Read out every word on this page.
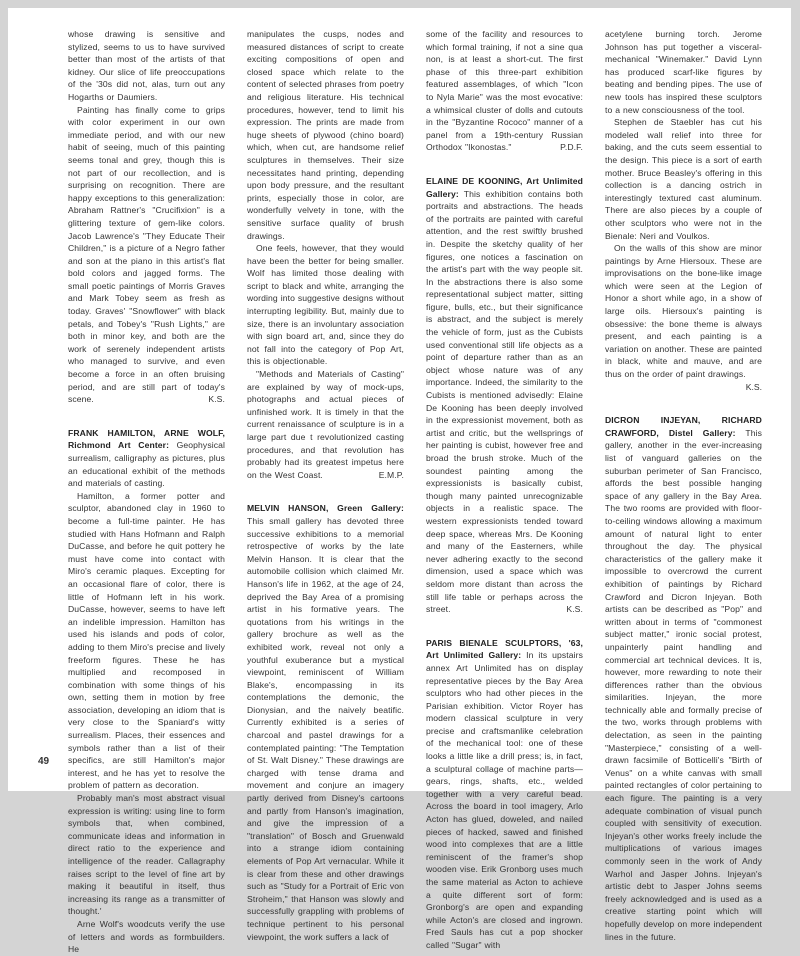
whose drawing is sensitive and stylized, seems to us to have survived better than most of the artists of that kidney. Our slice of life preoccupations of the '30s did not, alas, turn out any Hogarths or Daumiers.

Painting has finally come to grips with color experiment in our own immediate period, and with our new habit of seeing, much of this painting seems tonal and grey, though this is not part of our recollection, and is surprising on recognition. There are happy exceptions to this generalization: Abraham Rattner's "Crucifixion" is a glittering texture of gem-like colors. Jacob Lawrence's "They Educate Their Children," is a picture of a Negro father and son at the piano in this artist's flat bold colors and jagged forms. The small poetic paintings of Morris Graves and Mark Tobey seem as fresh as today. Graves' "Snowflower" with black petals, and Tobey's "Rush Lights," are both in minor key, and both are the work of serenely independent artists who managed to survive, and even become a force in an often bruising period, and are still part of today's scene.	K.S.

FRANK HAMILTON, ARNE WOLF, Richmond Art Center: Geophysical surrealism, calligraphy as pictures, plus an educational exhibit of the methods and materials of casting.

Hamilton, a former potter and sculptor, abandoned clay in 1960 to become a full-time painter. He has studied with Hans Hofmann and Ralph DuCasse, and before he quit pottery he must have come into contact with Miro's ceramic plaques. Excepting for an occasional flare of color, there is little of Hofmann left in his work. DuCasse, however, seems to have left an indelible impression. Hamilton has used his islands and pods of color, adding to them Miro's precise and lively freeform figures. These he has multiplied and recomposed in combination with some things of his own, setting them in motion by free association, developing an idiom that is very close to the Spaniard's witty surrealism. Places, their essences and symbols rather than a list of their specifics, are still Hamilton's major interest, and he has yet to resolve the problem of pattern as decoration.

Probably man's most abstract visual expression is writing: using line to form symbols that, when combined, communicate ideas and information in direct ratio to the experience and intelligence of the reader. Callagraphy raises script to the level of fine art by making it beautiful in itself, thus increasing its range as a transmitter of thought.'

Arne Wolf's woodcuts verify the use of letters and words as formbuilders. He

manipulates the cusps, nodes and measured distances of script to create exciting compositions of open and closed space which relate to the content of selected phrases from poetry and religious literature. His technical procedures, however, tend to limit his expression. The prints are made from huge sheets of plywood (chino board) which, when cut, are handsome relief sculptures in themselves. Their size necessitates hand printing, depending upon body pressure, and the resultant prints, especially those in color, are wonderfully velvety in tone, with the sensitive surface quality of brush drawings.

One feels, however, that they would have been the better for being smaller. Wolf has limited those dealing with script to black and white, arranging the wording into suggestive designs without interrupting legibility. But, mainly due to size, there is an involuntary association with sign board art, and, since they do not fall into the category of Pop Art, this is objectionable.

"Methods and Materials of Casting" are explained by way of mock-ups, photographs and actual pieces of unfinished work. It is timely in that the current renaissance of sculpture is in a large part due t revolutionized casting procedures, and that revolution has probably had its greatest impetus here on the West Coast.	E.M.P.

MELVIN HANSON, Green Gallery: This small gallery has devoted three successive exhibitions to a memorial retrospective of works by the late Melvin Hanson. It is clear that the automobile collision which claimed Mr. Hanson's life in 1962, at the age of 24, deprived the Bay Area of a promising artist in his formative years. The quotations from his writings in the gallery brochure as well as the exhibited work, reveal not only a youthful exuberance but a mystical viewpoint, reminiscent of William Blake's, encompassing in its contemplations the demonic, the Dionysian, and the naively beatific. Currently exhibited is a series of charcoal and pastel drawings for a contemplated painting: "The Temptation of St. Walt Disney." These drawings are charged with tense drama and movement and conjure an imagery partly derived from Disney's cartoons and partly from Hanson's imagination, and give the impression of a "translation" of Bosch and Gruenwald into a strange idiom containing elements of Pop Art vernacular. While it is clear from these and other drawings such as "Study for a Portrait of Eric von Stroheim," that Hanson was slowly and successfully grappling with problems of technique pertinent to his personal viewpoint, the work suffers a lack of

some of the facility and resources to which formal training, if not a sine qua non, is at least a short-cut. The first phase of this three-part exhibition featured assemblages, of which "Icon to Nyla Marie" was the most evocative: a whimsical cluster of dolls and cutouts in the "Byzantine Rococo" manner of a panel from a 19th-century Russian Orthodox "Ikonostas."	P.D.F.

ELAINE DE KOONING, Art Unlimited Gallery: This exhibition contains both portraits and abstractions. The heads of the portraits are painted with careful attention, and the rest swiftly brushed in. Despite the sketchy quality of her figures, one notices a fascination on the artist's part with the way people sit. In the abstractions there is also some representational subject matter, sitting figure, bulls, etc., but their significance is abstract, and the subject is merely the vehicle of form, just as the Cubists used conventional still life objects as a point of departure rather than as an object whose nature was of any importance. Indeed, the similarity to the Cubists is mentioned advisedly: Elaine De Kooning has been deeply involved in the expressionist movement, both as artist and critic, but the wellsprings of her painting is cubist, however free and broad the brush stroke. Much of the soundest painting among the expressionists is basically cubist, though many painted unrecognizable objects in a realistic space. The western expressionists tended toward deep space, whereas Mrs. De Kooning and many of the Easterners, while never adhering exactly to the second dimension, used a space which was seldom more distant than across the still life table or perhaps across the street.	K.S.

PARIS BIENALE SCULPTORS, '63, Art Unlimited Gallery: In its upstairs annex Art Unlimited has on display representative pieces by the Bay Area sculptors who had other pieces in the Parisian exhibition. Victor Royer has modern classical sculpture in very precise and craftsmanlike celebration of the mechanical tool: one of these looks a little like a drill press; is, in fact, a sculptural collage of machine parts—gears, rings, shafts, etc., welded together with a very careful bead. Across the board in tool imagery, Arlo Acton has glued, doweled, and nailed pieces of hacked, sawed and finished wood into complexes that are a little reminiscent of the framer's shop wooden vise. Erik Gronborg uses much the same material as Acton to achieve a quite different sort of form: Gronborg's are open and expanding while Acton's are closed and ingrown. Fred Sauls has cut a pop shocker called "Sugar" with

acetylene burning torch. Jerome Johnson has put together a visceral-mechanical "Winemaker." David Lynn has produced scarf-like figures by beating and bending pipes. The use of new tools has inspired these sculptors to a new consciousness of the tool.

Stephen de Staebler has cut his modeled wall relief into three for baking, and the cuts seem essential to the design. This piece is a sort of earth mother. Bruce Beasley's offering in this collection is a dancing ostrich in interestingly textured cast aluminum. There are also pieces by a couple of other sculptors who were not in the Bienale: Neri and Voulkos.

On the walls of this show are minor paintings by Arne Hiersoux. These are improvisations on the bone-like image which were seen at the Legion of Honor a short while ago, in a show of large oils. Hiersoux's painting is obsessive: the bone theme is always present, and each painting is a variation on another. These are painted in black, white and mauve, and are thus on the order of paint drawings.

K.S.

DICRON INJEYAN, RICHARD CRAWFORD, Distel Gallery: This gallery, another in the ever-increasing list of vanguard galleries on the suburban perimeter of San Francisco, affords the best possible hanging space of any gallery in the Bay Area. The two rooms are provided with floor-to-ceiling windows allowing a maximum amount of natural light to enter throughout the day. The physical characteristics of the gallery make it impossible to overcrowd the current exhibition of paintings by Richard Crawford and Dicron Injeyan. Both artists can be described as "Pop" and written about in terms of "commonest subject matter," ironic social protest, unpainterly paint handling and commercial art technical devices. It is, however, more rewarding to note their differences rather than the obvious similarities. Injeyan, the more technically able and formally precise of the two, works through problems with delectation, as seen in the painting "Masterpiece," consisting of a well-drawn facsimile of Botticelli's "Birth of Venus" on a white canvas with small painted rectangles of color pertaining to each figure. The painting is a very adequate combination of visual punch coupled with sensitivity of execution. Injeyan's other works freely include the multiplications of various images commonly seen in the work of Andy Warhol and Jasper Johns. Injeyan's artistic debt to Jasper Johns seems freely acknowledged and is used as a creative starting point which will hopefully develop on more independent lines in the future.

49
